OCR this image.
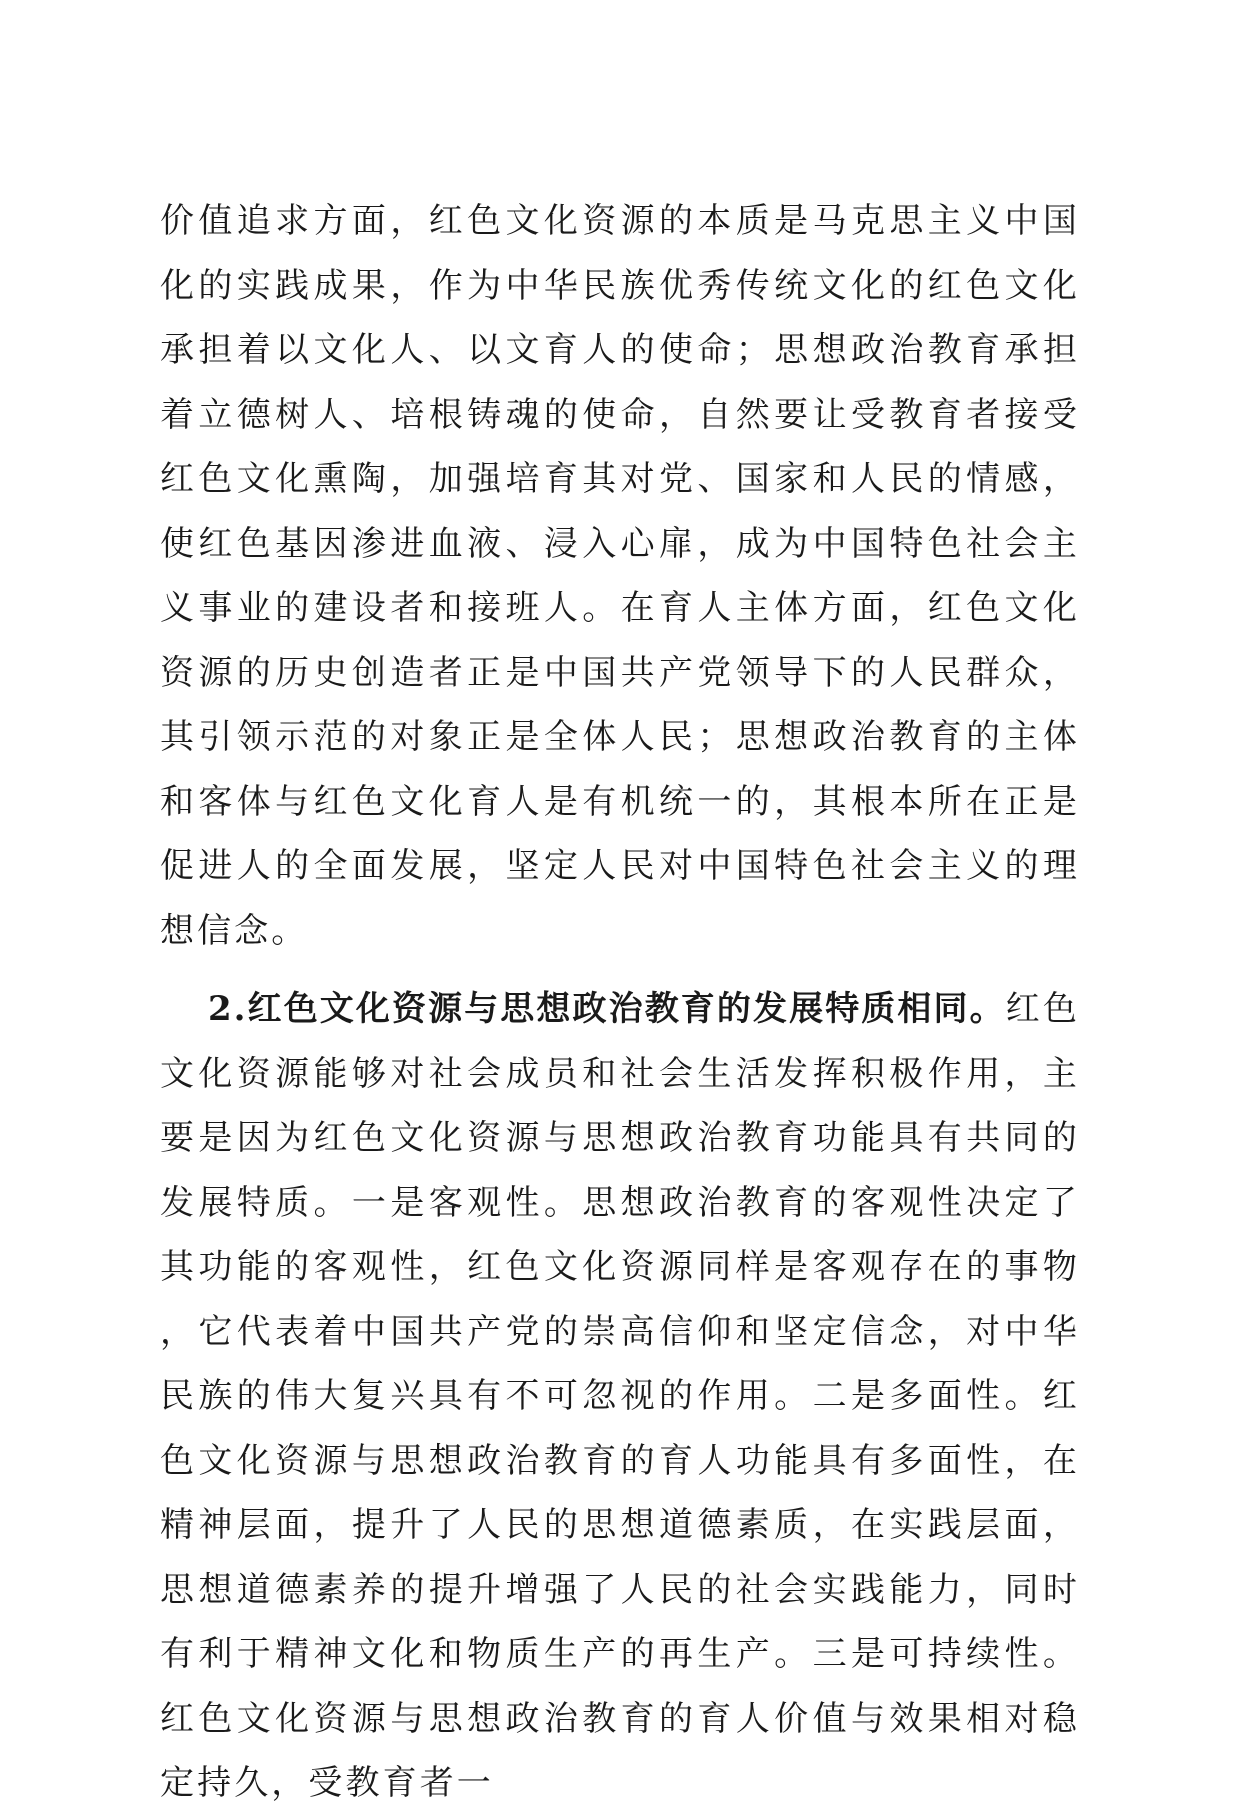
价值追求方面，红色文化资源的本质是马克思主义中国化的实践成果，作为中华民族优秀传统文化的红色文化承担着以文化人、以文育人的使命；思想政治教育承担着立德树人、培根铸魂的使命，自然要让受教育者接受红色文化熏陶，加强培育其对党、国家和人民的情感，使红色基因渗进血液、浸入心扉，成为中国特色社会主义事业的建设者和接班人。在育人主体方面，红色文化资源的历史创造者正是中国共产党领导下的人民群众，其引领示范的对象正是全体人民；思想政治教育的主体和客体与红色文化育人是有机统一的，其根本所在正是促进人的全面发展，坚定人民对中国特色社会主义的理想信念。

2.红色文化资源与思想政治教育的发展特质相同。红色文化资源能够对社会成员和社会生活发挥积极作用，主要是因为红色文化资源与思想政治教育功能具有共同的发展特质。一是客观性。思想政治教育的客观性决定了其功能的客观性，红色文化资源同样是客观存在的事物，它代表着中国共产党的崇高信仰和坚定信念，对中华民族的伟大复兴具有不可忽视的作用。二是多面性。红色文化资源与思想政治教育的育人功能具有多面性，在精神层面，提升了人民的思想道德素质，在实践层面，思想道德素养的提升增强了人民的社会实践能力，同时有利于精神文化和物质生产的再生产。三是可持续性。红色文化资源与思想政治教育的育人价值与效果相对稳定持久，受教育者一
